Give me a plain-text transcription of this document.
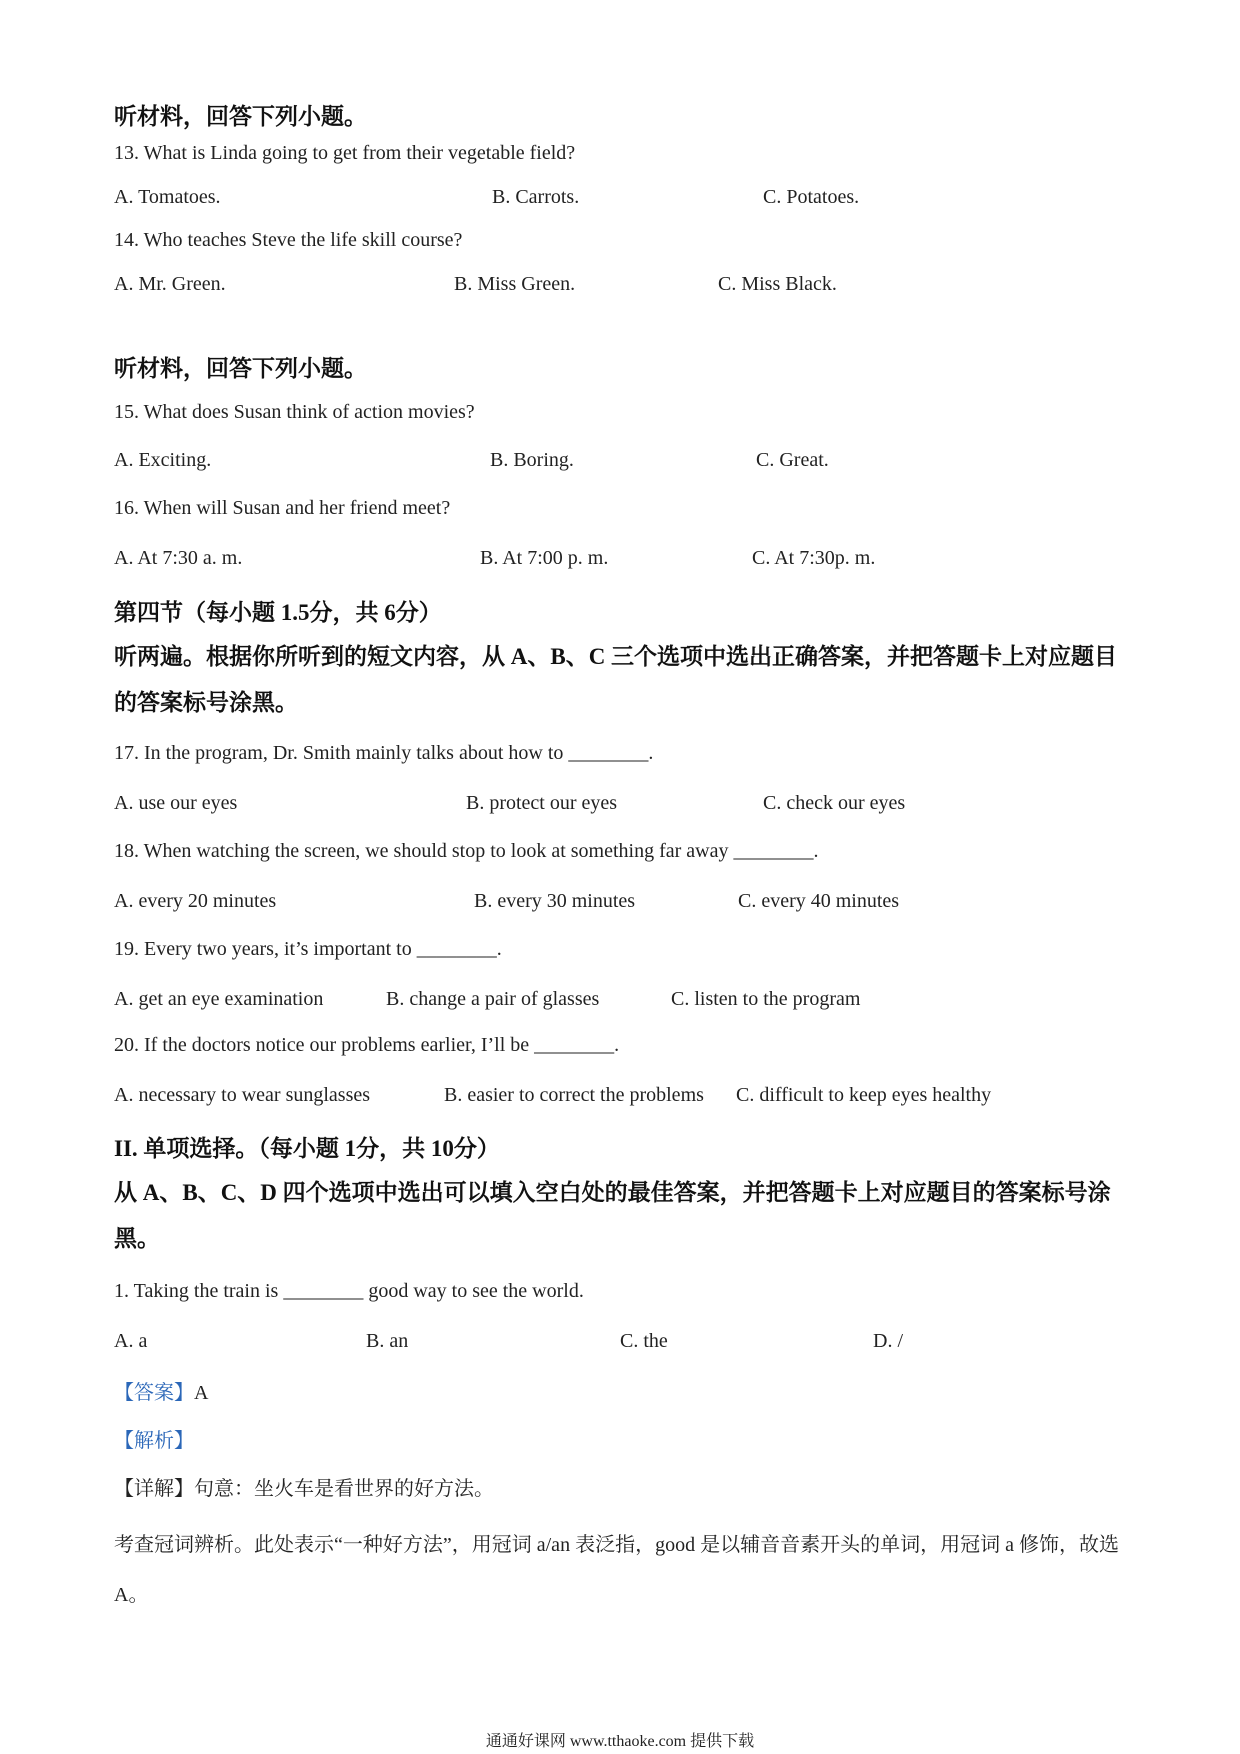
听材料，回答下列小题。
13. What is Linda going to get from their vegetable field?
A. Tomatoes.	B. Carrots.	C. Potatoes.
14. Who teaches Steve the life skill course?
A. Mr. Green.	B. Miss Green.	C. Miss Black.
听材料，回答下列小题。
15. What does Susan think of action movies?
A. Exciting.	B. Boring.	C. Great.
16. When will Susan and her friend meet?
A. At 7:30 a. m.	B. At 7:00 p. m.	C. At 7:30p. m.
第四节（每小题 1.5分，共 6分）
听两遍。根据你所听到的短文内容，从 A、B、C 三个选项中选出正确答案，并把答题卡上对应题目的答案标号涂黑。
17. In the program, Dr. Smith mainly talks about how to ________.
A. use our eyes	B. protect our eyes	C. check our eyes
18. When watching the screen, we should stop to look at something far away ________.
A. every 20 minutes	B. every 30 minutes	C. every 40 minutes
19. Every two years, it’s important to ________.
A. get an eye examination	B. change a pair of glasses	C. listen to the program
20. If the doctors notice our problems earlier, I’ll be ________.
A. necessary to wear sunglasses	B. easier to correct the problems C. difficult to keep eyes healthy
II. 单项选择。（每小题 1分，共 10分）
从 A、B、C、D 四个选项中选出可以填入空白处的最佳答案，并把答题卡上对应题目的答案标号涂黑。
1. Taking the train is ________ good way to see the world.
A. a	B. an	C. the	D. /
【答案】A
【解析】
【详解】句意：坐火车是看世界的好方法。
考查冠词辨析。此处表示“一种好方法”，用冠词 a/an 表泛指，good 是以辅音音素开头的单词，用冠词 a 修饰，故选 A。
通通好课网 www.tthaoke.com 提供下载
